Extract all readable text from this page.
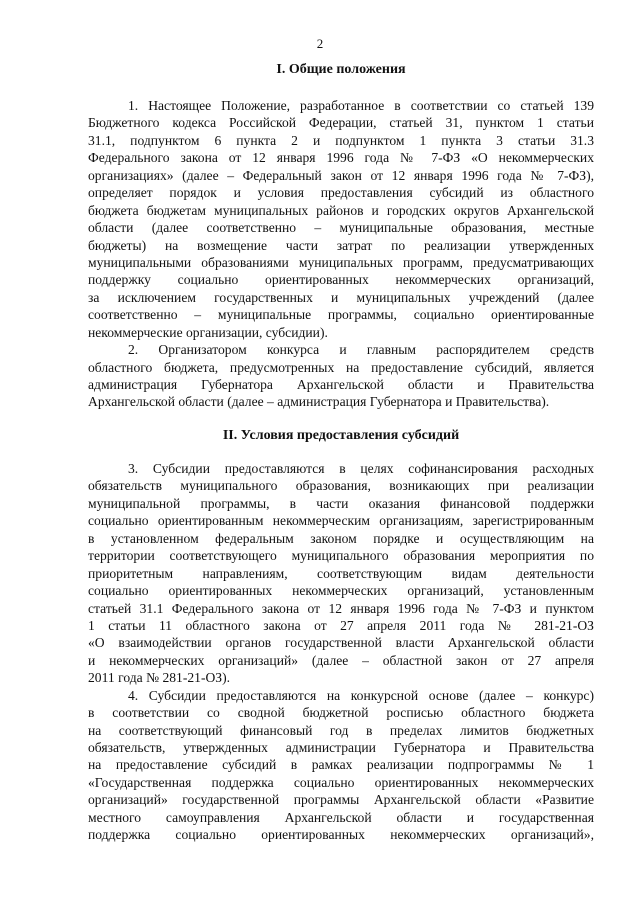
2
I. Общие положения
1. Настоящее Положение, разработанное в соответствии со статьей 139
Бюджетного кодекса Российской Федерации, статьей 31, пунктом 1 статьи
31.1, подпунктом 6 пункта 2 и подпунктом 1 пункта 3 статьи 31.3
Федерального закона от 12 января 1996 года № 7-ФЗ «О некоммерческих
организациях» (далее – Федеральный закон от 12 января 1996 года № 7-ФЗ),
определяет порядок и условия предоставления субсидий из областного
бюджета бюджетам муниципальных районов и городских округов Архангельской
области (далее соответственно – муниципальные образования, местные
бюджеты) на возмещение части затрат по реализации утвержденных
муниципальными образованиями муниципальных программ, предусматривающих
поддержку социально ориентированных некоммерческих организаций,
за исключением государственных и муниципальных учреждений (далее
соответственно – муниципальные программы, социально ориентированные
некоммерческие организации, субсидии).
2. Организатором конкурса и главным распорядителем средств
областного бюджета, предусмотренных на предоставление субсидий, является
администрация Губернатора Архангельской области и Правительства
Архангельской области (далее – администрация Губернатора и Правительства).
II. Условия предоставления субсидий
3. Субсидии предоставляются в целях софинансирования расходных
обязательств муниципального образования, возникающих при реализации
муниципальной программы, в части оказания финансовой поддержки
социально ориентированным некоммерческим организациям, зарегистрированным
в установленном федеральным законом порядке и осуществляющим на
территории соответствующего муниципального образования мероприятия по
приоритетным направлениям, соответствующим видам деятельности
социально ориентированных некоммерческих организаций, установленным
статьей 31.1 Федерального закона от 12 января 1996 года № 7-ФЗ и пунктом
1 статьи 11 областного закона от 27 апреля 2011 года № 281-21-ОЗ
«О взаимодействии органов государственной власти Архангельской области
и некоммерческих организаций» (далее – областной закон от 27 апреля
2011 года № 281-21-ОЗ).
4. Субсидии предоставляются на конкурсной основе (далее – конкурс)
в соответствии со сводной бюджетной росписью областного бюджета
на соответствующий финансовый год в пределах лимитов бюджетных
обязательств, утвержденных администрации Губернатора и Правительства
на предоставление субсидий в рамках реализации подпрограммы № 1
«Государственная поддержка социально ориентированных некоммерческих
организаций» государственной программы Архангельской области «Развитие
местного самоуправления Архангельской области и государственная
поддержка социально ориентированных некоммерческих организаций»,
